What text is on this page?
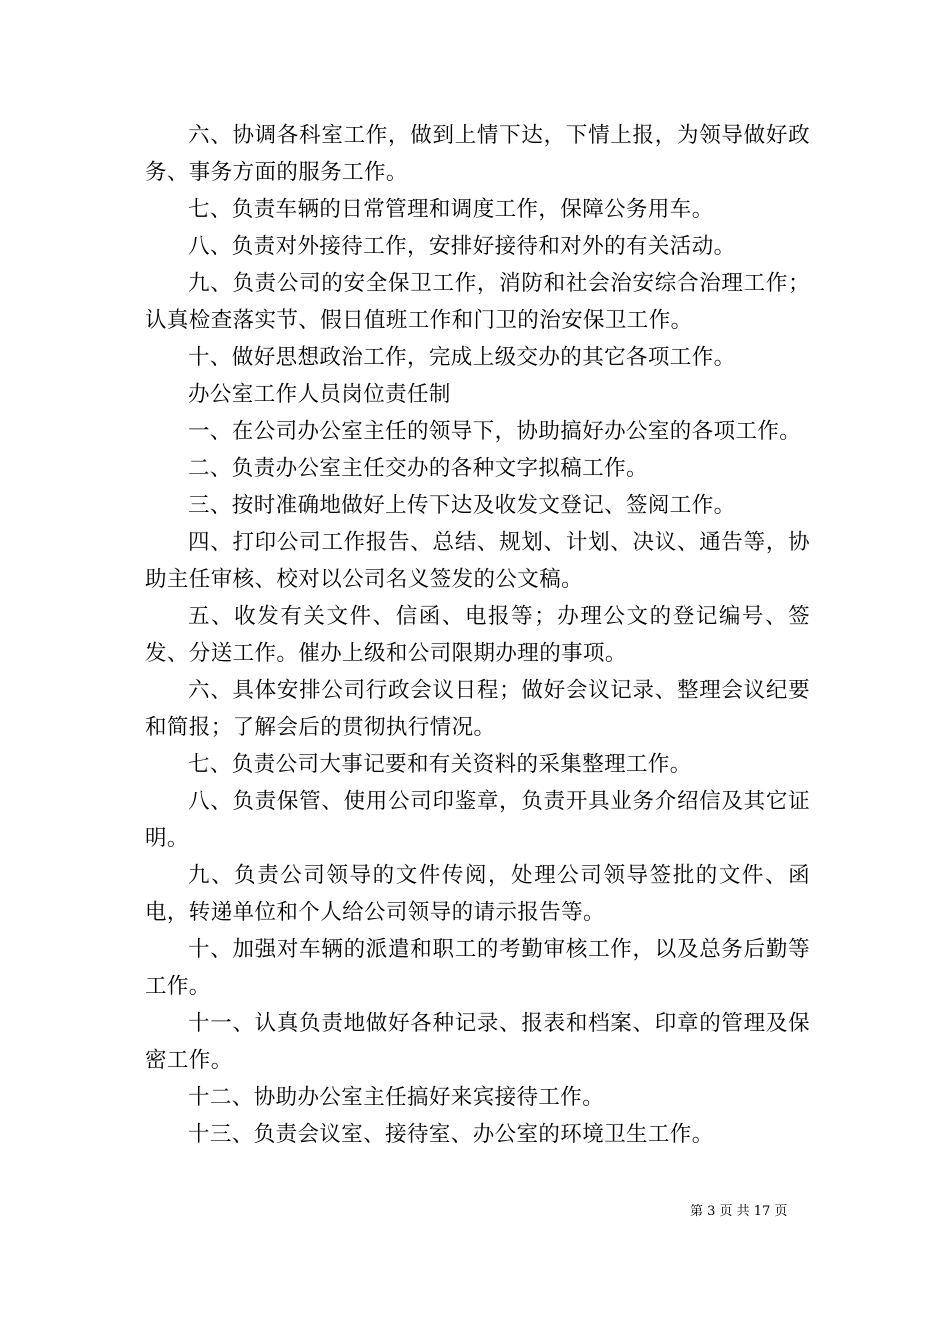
六、协调各科室工作，做到上情下达，下情上报，为领导做好政务、事务方面的服务工作。

七、负责车辆的日常管理和调度工作，保障公务用车。

八、负责对外接待工作，安排好接待和对外的有关活动。

九、负责公司的安全保卫工作，消防和社会治安综合治理工作；认真检查落实节、假日值班工作和门卫的治安保卫工作。

十、做好思想政治工作，完成上级交办的其它各项工作。

办公室工作人员岗位责任制

一、在公司办公室主任的领导下，协助搞好办公室的各项工作。

二、负责办公室主任交办的各种文字拟稿工作。

三、按时准确地做好上传下达及收发文登记、签阅工作。

四、打印公司工作报告、总结、规划、计划、决议、通告等，协助主任审核、校对以公司名义签发的公文稿。

五、收发有关文件、信函、电报等；办理公文的登记编号、签发、分送工作。催办上级和公司限期办理的事项。

六、具体安排公司行政会议日程；做好会议记录、整理会议纪要和简报；了解会后的贯彻执行情况。

七、负责公司大事记要和有关资料的采集整理工作。

八、负责保管、使用公司印鉴章，负责开具业务介绍信及其它证明。

九、负责公司领导的文件传阅，处理公司领导签批的文件、函电，转递单位和个人给公司领导的请示报告等。

十、加强对车辆的派遣和职工的考勤审核工作，以及总务后勤等工作。

十一、认真负责地做好各种记录、报表和档案、印章的管理及保密工作。

十二、协助办公室主任搞好来宾接待工作。

十三、负责会议室、接待室、办公室的环境卫生工作。

第 3 页 共 17 页
